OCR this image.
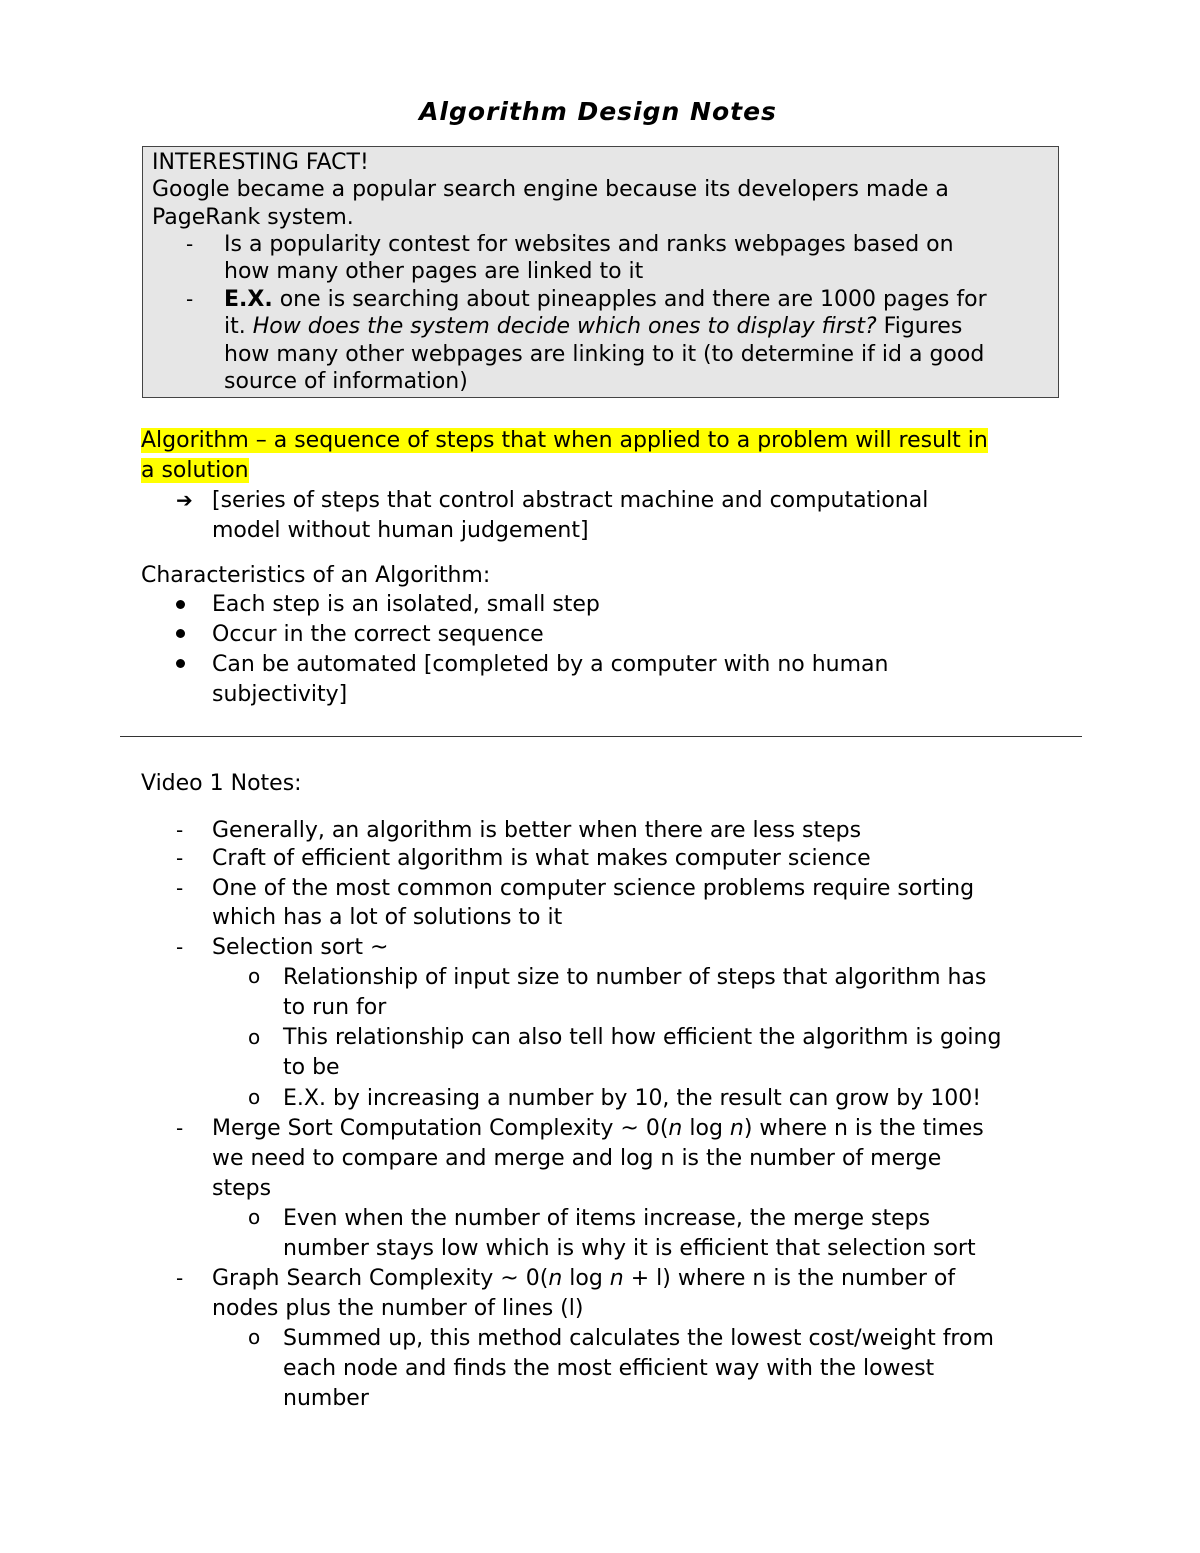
Algorithm Design Notes
INTERESTING FACT!
Google became a popular search engine because its developers made a
PageRank system.
- Is a popularity contest for websites and ranks webpages based on
how many other pages are linked to it
- E.X. one is searching about pineapples and there are 1000 pages for
it. How does the system decide which ones to display first? Figures
how many other webpages are linking to it (to determine if id a good
source of information)
Algorithm – a sequence of steps that when applied to a problem will result in
a solution
➔ [series of steps that control abstract machine and computational
model without human judgement]
Characteristics of an Algorithm:
Each step is an isolated, small step
Occur in the correct sequence
Can be automated [completed by a computer with no human
subjectivity]
Video 1 Notes:
- Generally, an algorithm is better when there are less steps
- Craft of efficient algorithm is what makes computer science
- One of the most common computer science problems require sorting
which has a lot of solutions to it
- Selection sort ~
o Relationship of input size to number of steps that algorithm has
to run for
o This relationship can also tell how efficient the algorithm is going
to be
o E.X. by increasing a number by 10, the result can grow by 100!
- Merge Sort Computation Complexity ~ 0(n log n) where n is the times
we need to compare and merge and log n is the number of merge
steps
o Even when the number of items increase, the merge steps
number stays low which is why it is efficient that selection sort
- Graph Search Complexity ~ 0(n log n + l) where n is the number of
nodes plus the number of lines (l)
o Summed up, this method calculates the lowest cost/weight from
each node and finds the most efficient way with the lowest
number
